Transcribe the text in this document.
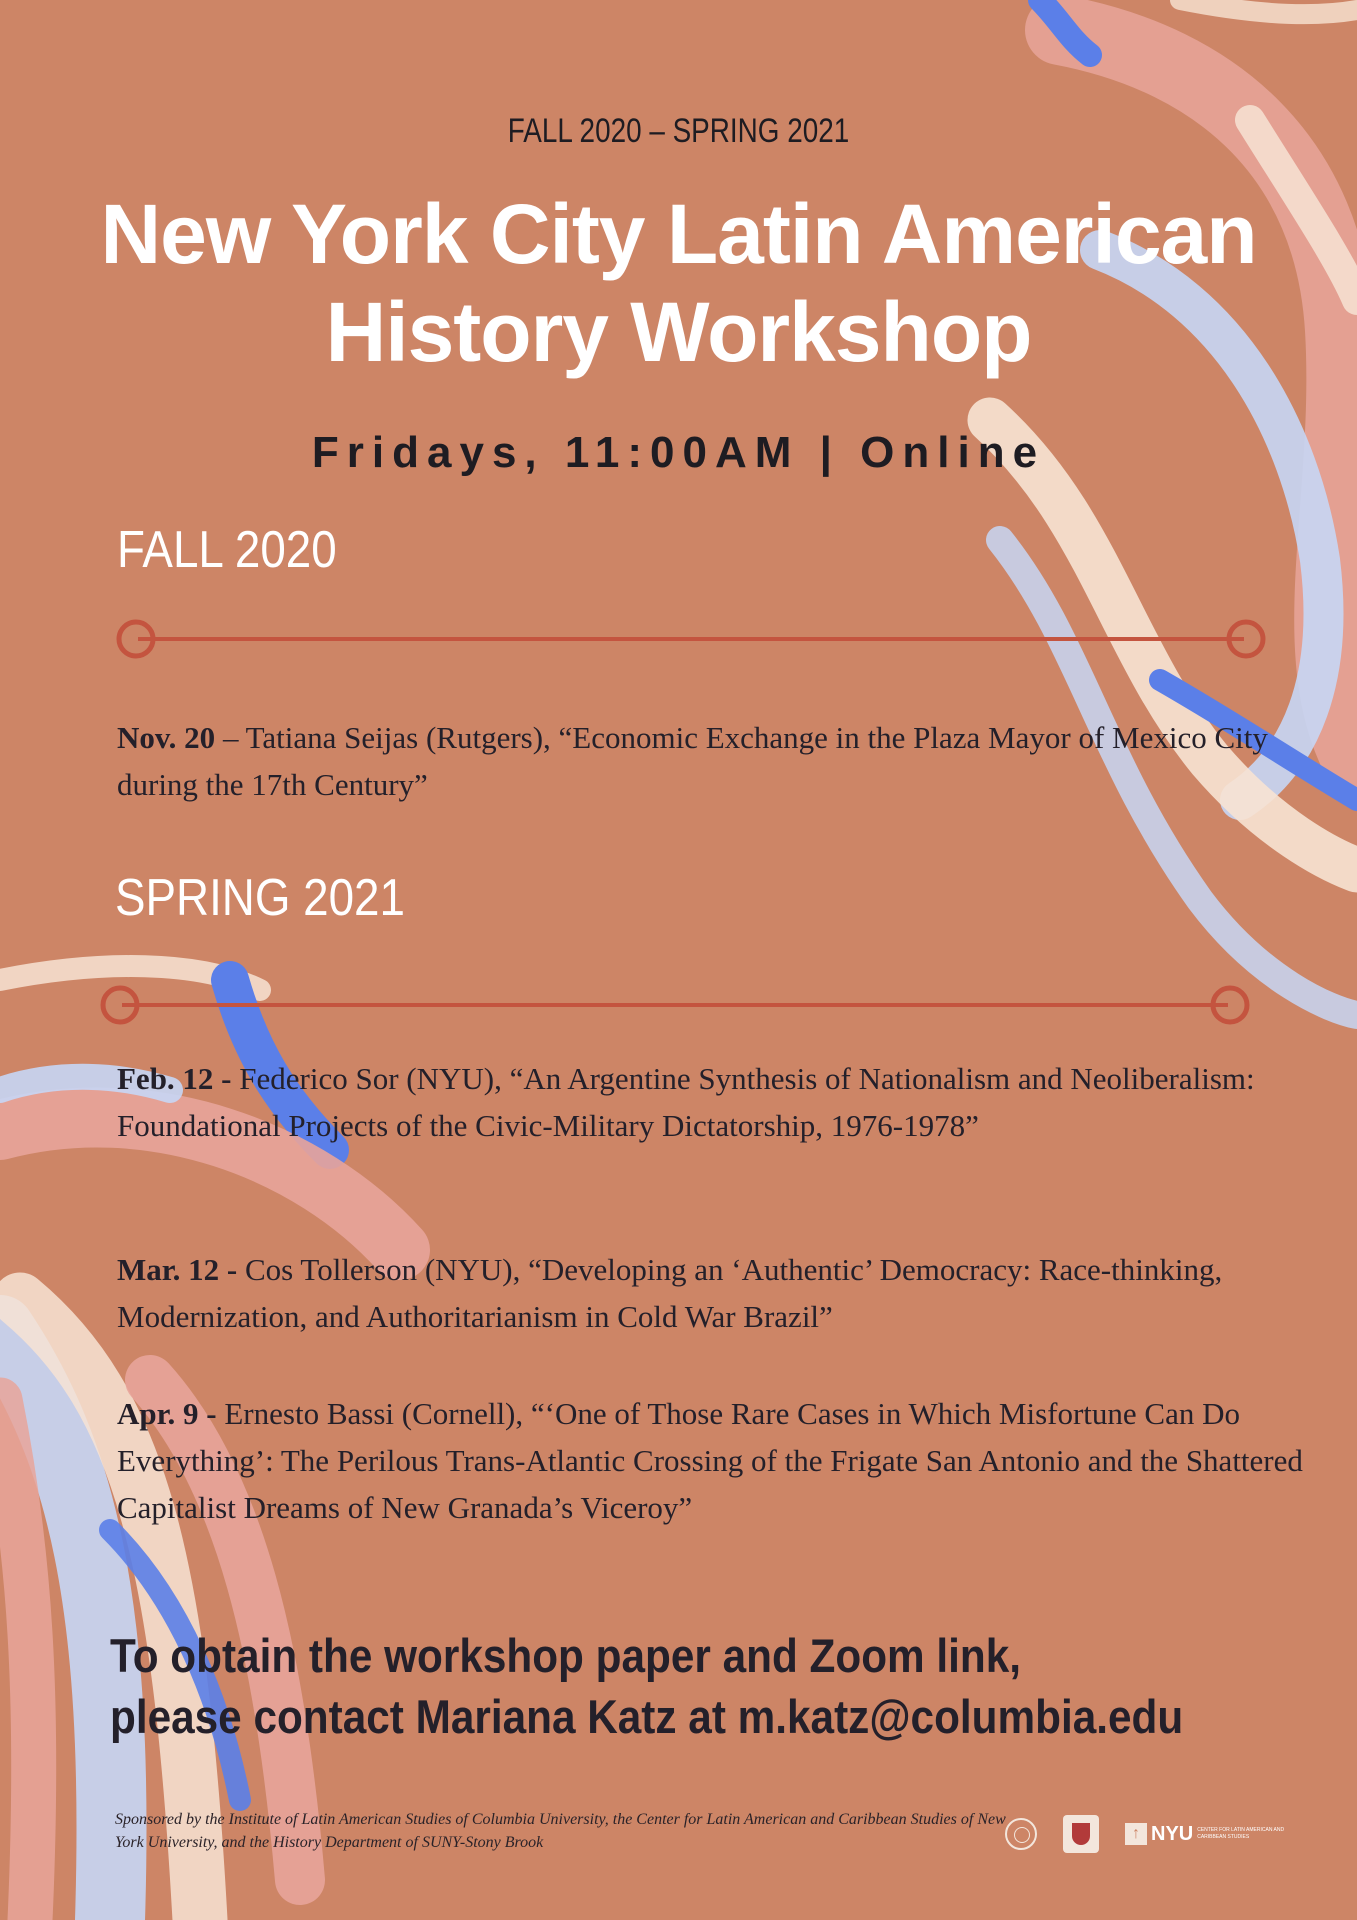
FALL 2020 – SPRING 2021
New York City Latin American
History Workshop
Fridays, 11:00AM | Online
FALL 2020
Nov. 20 – Tatiana Seijas (Rutgers), “Economic Exchange in the Plaza Mayor of Mexico City during the 17th Century”
SPRING 2021
Feb. 12 - Federico Sor (NYU), “An Argentine Synthesis of Nationalism and Neoliberalism: Foundational Projects of the Civic-Military Dictatorship, 1976-1978”
Mar. 12 - Cos Tollerson (NYU), “Developing an ‘Authentic’ Democracy: Race-thinking, Modernization, and Authoritarianism in Cold War Brazil”
Apr. 9 - Ernesto Bassi (Cornell), “‘One of Those Rare Cases in Which Misfortune Can Do Everything’: The Perilous Trans-Atlantic Crossing of the Frigate San Antonio and the Shattered Capitalist Dreams of New Granada’s Viceroy”
To obtain the workshop paper and Zoom link,
please contact Mariana Katz at m.katz@columbia.edu
Sponsored by the Institute of Latin American Studies of Columbia University, the Center for Latin American and Caribbean Studies of New York University, and the History Department of SUNY-Stony Brook
↑ NYU CENTER FOR LATIN AMERICAN AND CARIBBEAN STUDIES
